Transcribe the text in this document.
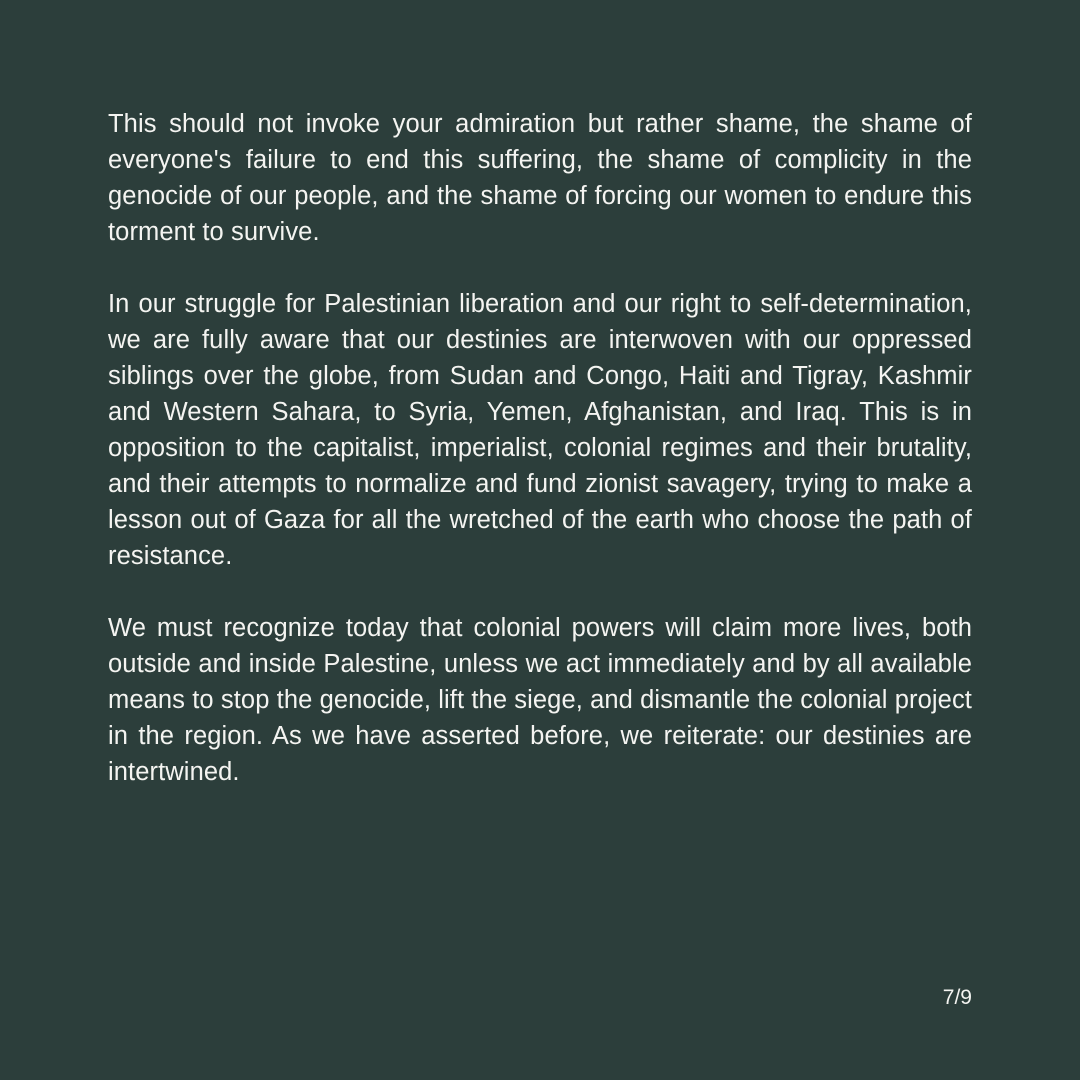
This should not invoke your admiration but rather shame, the shame of everyone's failure to end this suffering, the shame of complicity in the genocide of our people, and the shame of forcing our women to endure this torment to survive.

In our struggle for Palestinian liberation and our right to self-determination, we are fully aware that our destinies are interwoven with our oppressed siblings over the globe, from Sudan and Congo, Haiti and Tigray, Kashmir and Western Sahara, to Syria, Yemen, Afghanistan, and Iraq. This is in opposition to the capitalist, imperialist, colonial regimes and their brutality, and their attempts to normalize and fund zionist savagery, trying to make a lesson out of Gaza for all the wretched of the earth who choose the path of resistance.

We must recognize today that colonial powers will claim more lives, both outside and inside Palestine, unless we act immediately and by all available means to stop the genocide, lift the siege, and dismantle the colonial project in the region. As we have asserted before, we reiterate: our destinies are intertwined.

7/9
